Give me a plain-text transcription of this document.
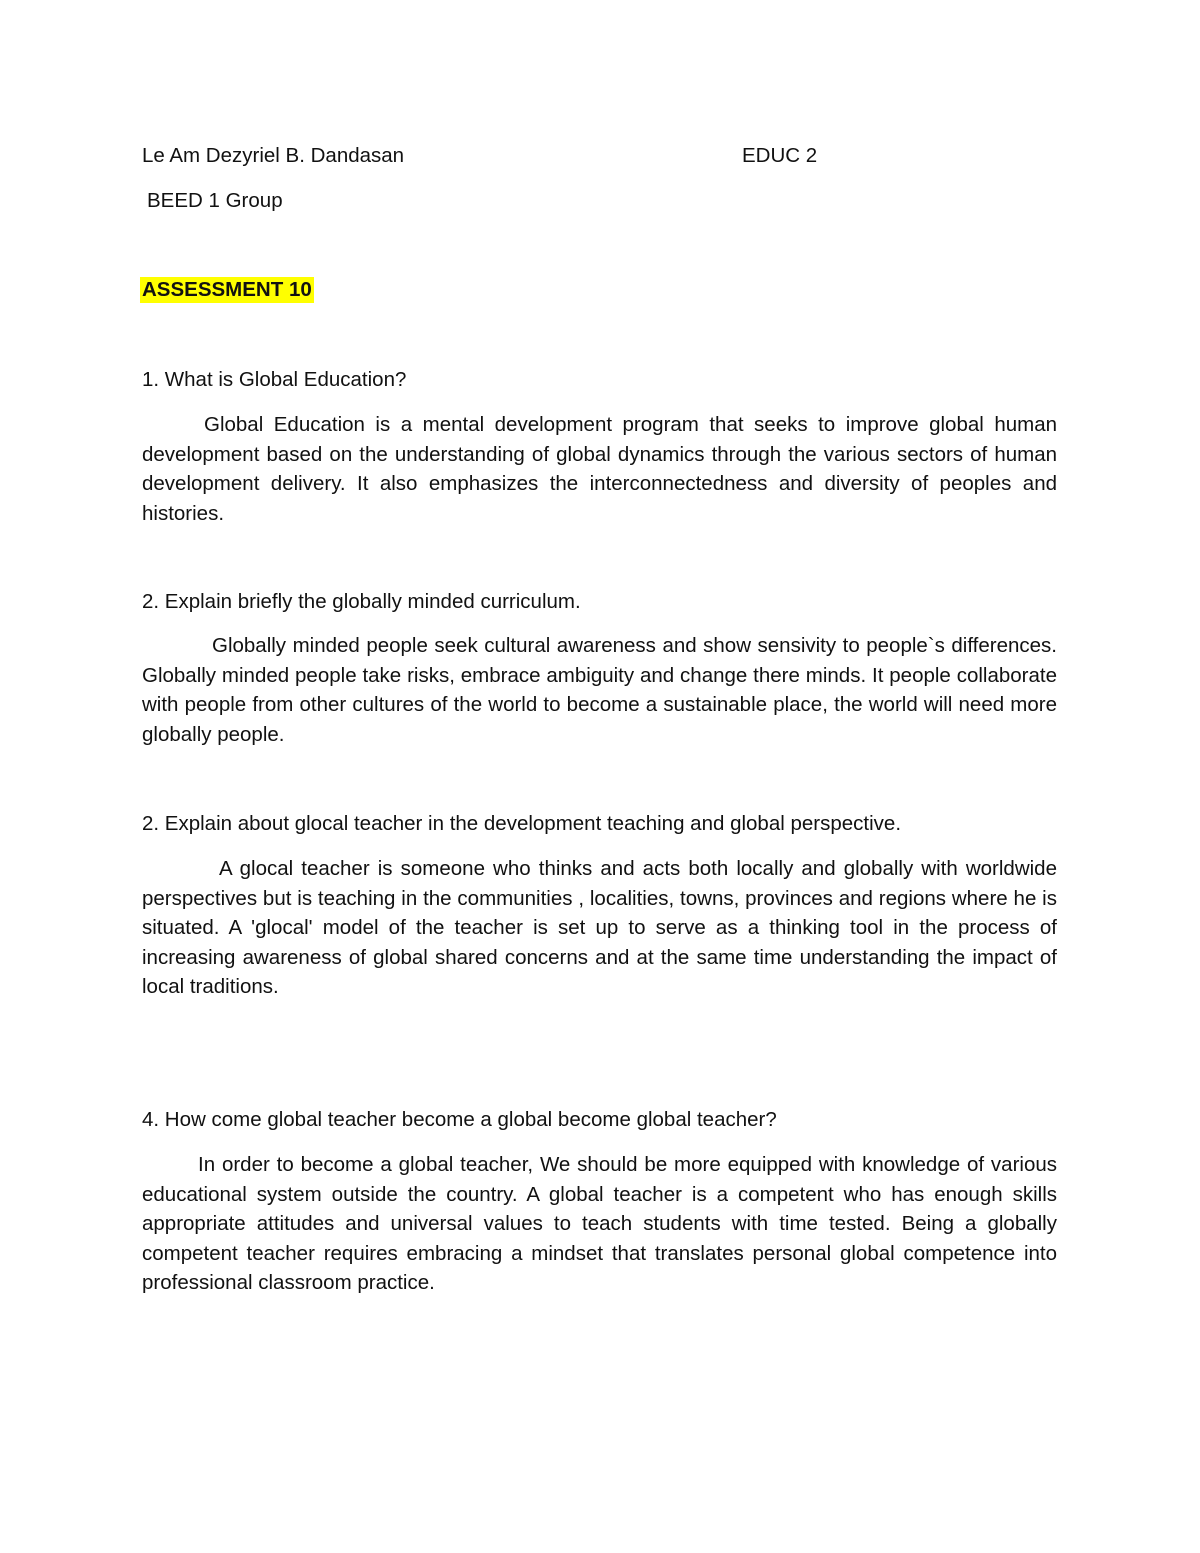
Le Am Dezyriel B. Dandasan	EDUC 2
BEED 1 Group
ASSESSMENT 10
1. What is Global Education?

Global Education is a mental development program that seeks to improve global human development based on the understanding of global dynamics through the various sectors of human development delivery. It also emphasizes the interconnectedness and diversity of peoples and histories.

2. Explain briefly the globally minded curriculum.

Globally minded people seek cultural awareness and show sensivity to people`s differences. Globally minded people take risks, embrace ambiguity and change there minds. It people collaborate with people from other cultures of the world to become a sustainable place, the world will need more globally people.

2. Explain about glocal teacher in the development teaching and global perspective.

A glocal teacher is someone who thinks and acts both locally and globally with worldwide perspectives but is teaching in the communities , localities, towns, provinces and regions where he is situated. A 'glocal' model of the teacher is set up to serve as a thinking tool in the process of increasing awareness of global shared concerns and at the same time understanding the impact of local traditions.

4. How come global teacher become a global become global teacher?

In order to become a global teacher, We should be more equipped with knowledge of various educational system outside the country. A global teacher is a competent who has enough skills appropriate attitudes and universal values to teach students with time tested. Being a globally competent teacher requires embracing a mindset that translates personal global competence into professional classroom practice.
